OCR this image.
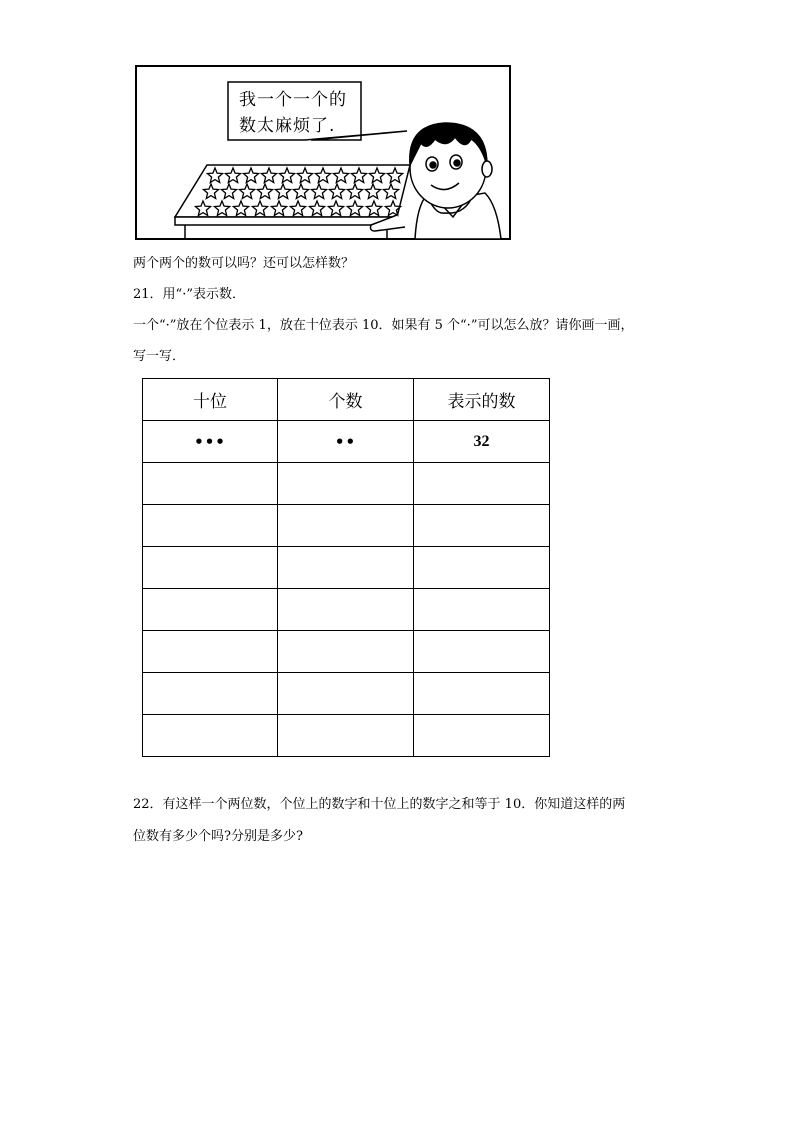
我一个一个的
数太麻烦了.
两个两个的数可以吗？还可以怎样数？
21．用“·”表示数．
一个“·”放在个位表示 1，放在十位表示 10．如果有 5 个“·”可以怎么放？请你画一画，
写一写．
十位	个数	表示的数
•••	••	32

22．有这样一个两位数，个位上的数字和十位上的数字之和等于 10．你知道这样的两
位数有多少个吗?分别是多少?
